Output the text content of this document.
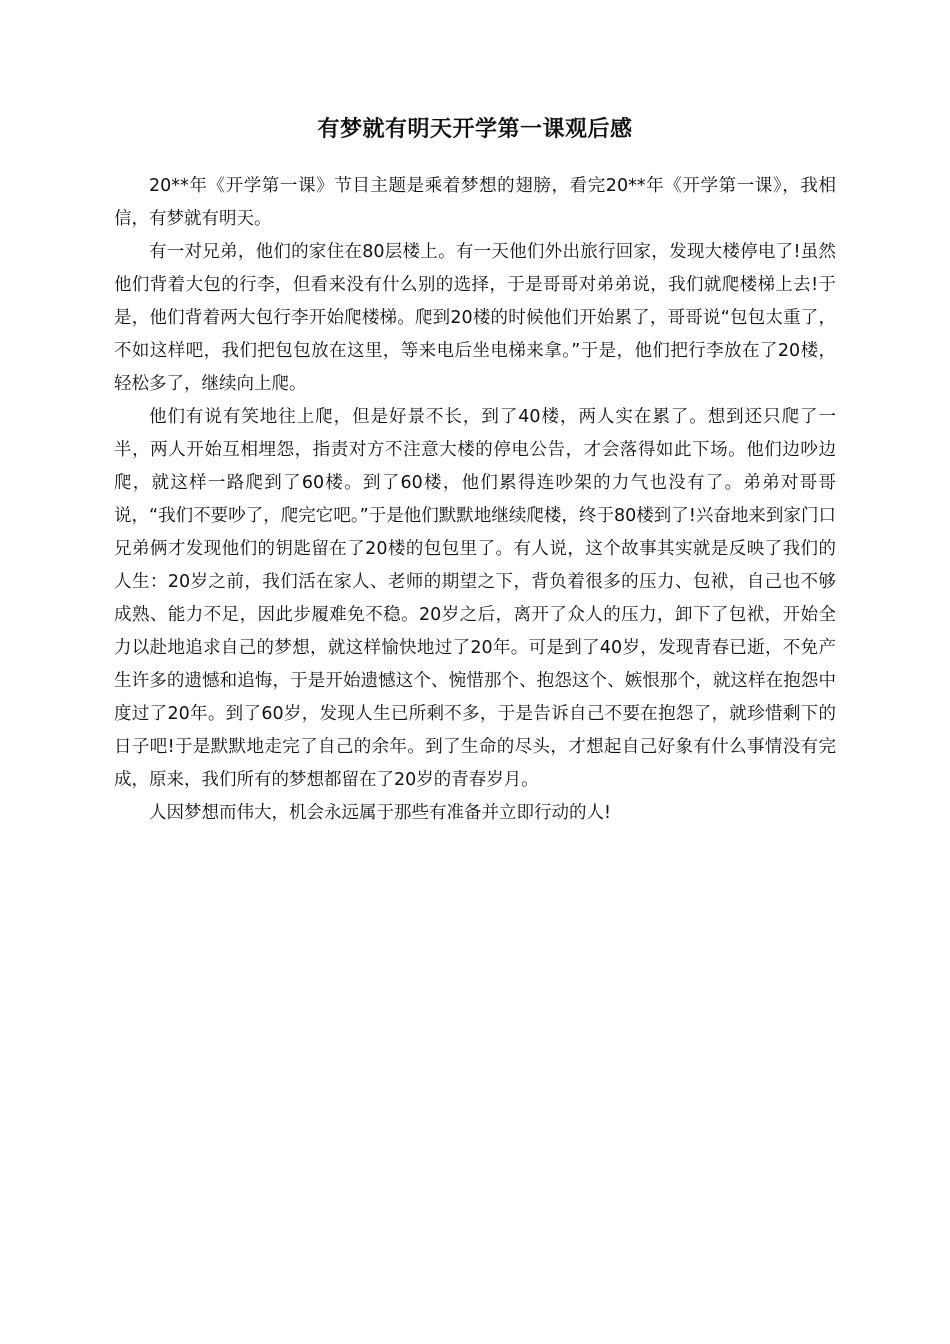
有梦就有明天开学第一课观后感

20**年《开学第一课》节目主题是乘着梦想的翅膀，看完20**年《开学第一课》，我相信，有梦就有明天。

有一对兄弟，他们的家住在80层楼上。有一天他们外出旅行回家，发现大楼停电了!虽然他们背着大包的行李，但看来没有什么别的选择，于是哥哥对弟弟说，我们就爬楼梯上去!于是，他们背着两大包行李开始爬楼梯。爬到20楼的时候他们开始累了，哥哥说“包包太重了，不如这样吧，我们把包包放在这里，等来电后坐电梯来拿。”于是，他们把行李放在了20楼，轻松多了，继续向上爬。

他们有说有笑地往上爬，但是好景不长，到了40楼，两人实在累了。想到还只爬了一半，两人开始互相埋怨，指责对方不注意大楼的停电公告，才会落得如此下场。他们边吵边爬，就这样一路爬到了60楼。到了60楼，他们累得连吵架的力气也没有了。弟弟对哥哥说，“我们不要吵了，爬完它吧。”于是他们默默地继续爬楼，终于80楼到了!兴奋地来到家门口兄弟俩才发现他们的钥匙留在了20楼的包包里了。有人说，这个故事其实就是反映了我们的人生：20岁之前，我们活在家人、老师的期望之下，背负着很多的压力、包袱，自己也不够成熟、能力不足，因此步履难免不稳。20岁之后，离开了众人的压力，卸下了包袱，开始全力以赴地追求自己的梦想，就这样愉快地过了20年。可是到了40岁，发现青春已逝，不免产生许多的遗憾和追悔，于是开始遗憾这个、惋惜那个、抱怨这个、嫉恨那个，就这样在抱怨中度过了20年。到了60岁，发现人生已所剩不多，于是告诉自己不要在抱怨了，就珍惜剩下的日子吧!于是默默地走完了自己的余年。到了生命的尽头，才想起自己好象有什么事情没有完成，原来，我们所有的梦想都留在了20岁的青春岁月。

人因梦想而伟大，机会永远属于那些有准备并立即行动的人!
